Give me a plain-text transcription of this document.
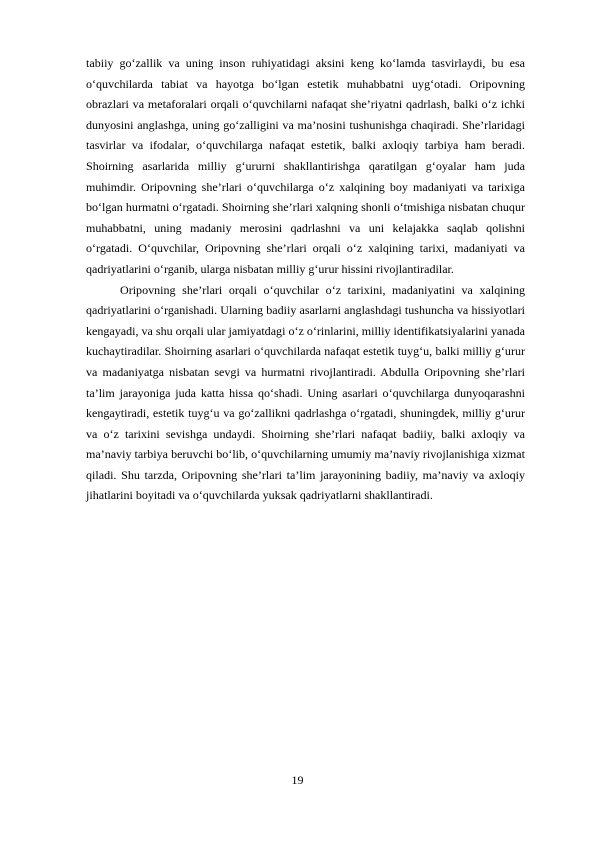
tabiiy go‘zallik va uning inson ruhiyatidagi aksini keng ko‘lamda tasvirlaydi, bu esa o‘quvchilarda tabiat va hayotga bo‘lgan estetik muhabbatni uyg‘otadi. Oripovning obrazlari va metaforalari orqali o‘quvchilarni nafaqat she’riyatni qadrlash, balki o‘z ichki dunyosini anglashga, uning go‘zalligini va ma’nosini tushunishga chaqiradi. She’rlaridagi tasvirlar va ifodalar, o‘quvchilarga nafaqat estetik, balki axloqiy tarbiya ham beradi. Shoirning asarlarida milliy g‘ururni shakllantirishga qaratilgan g‘oyalar ham juda muhimdir. Oripovning she’rlari o‘quvchilarga o‘z xalqining boy madaniyati va tarixiga bo‘lgan hurmatni o‘rgatadi. Shoirning she’rlari xalqning shonli o‘tmishiga nisbatan chuqur muhabbatni, uning madaniy merosini qadrlashni va uni kelajakka saqlab qolishni o‘rgatadi. O‘quvchilar, Oripovning she’rlari orqali o‘z xalqining tarixi, madaniyati va qadriyatlarini o‘rganib, ularga nisbatan milliy g‘urur hissini rivojlantiradilar.

Oripovning she’rlari orqali o‘quvchilar o‘z tarixini, madaniyatini va xalqining qadriyatlarini o‘rganishadi. Ularning badiiy asarlarni anglashdagi tushuncha va hissiyotlari kengayadi, va shu orqali ular jamiyatdagi o‘z o‘rinlarini, milliy identifikatsiyalarini yanada kuchaytiradilar. Shoirning asarlari o‘quvchilarda nafaqat estetik tuyg‘u, balki milliy g‘urur va madaniyatga nisbatan sevgi va hurmatni rivojlantiradi. Abdulla Oripovning she’rlari ta’lim jarayoniga juda katta hissa qo‘shadi. Uning asarlari o‘quvchilarga dunyoqarashni kengaytiradi, estetik tuyg‘u va go‘zallikni qadrlashga o‘rgatadi, shuningdek, milliy g‘urur va o‘z tarixini sevishga undaydi. Shoirning she’rlari nafaqat badiiy, balki axloqiy va ma’naviy tarbiya beruvchi bo‘lib, o‘quvchilarning umumiy ma’naviy rivojlanishiga xizmat qiladi. Shu tarzda, Oripovning she’rlari ta’lim jarayonining badiiy, ma’naviy va axloqiy jihatlarini boyitadi va o‘quvchilarda yuksak qadriyatlarni shakllantiradi.

19
